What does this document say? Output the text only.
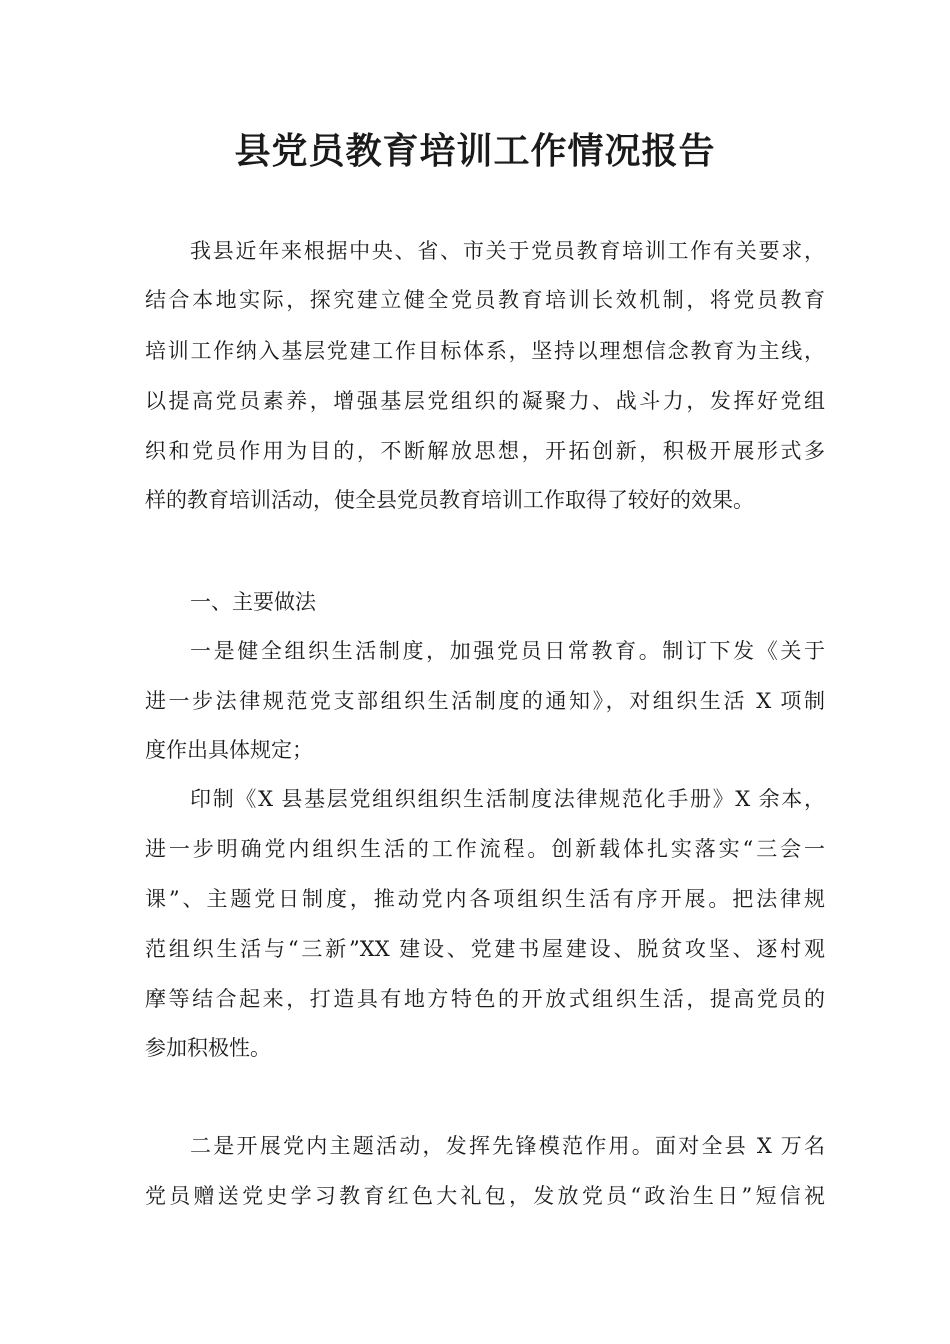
县党员教育培训工作情况报告

我县近年来根据中央、省、市关于党员教育培训工作有关要求，

结合本地实际，探究建立健全党员教育培训长效机制，将党员教育

培训工作纳入基层党建工作目标体系，坚持以理想信念教育为主线，

以提高党员素养，增强基层党组织的凝聚力、战斗力，发挥好党组

织和党员作用为目的，不断解放思想，开拓创新，积极开展形式多

样的教育培训活动，使全县党员教育培训工作取得了较好的效果。

一、主要做法

一是健全组织生活制度，加强党员日常教育。制订下发《关于

进一步法律规范党支部组织生活制度的通知》，对组织生活 X 项制

度作出具体规定；

印制《X 县基层党组织组织生活制度法律规范化手册》X 余本，

进一步明确党内组织生活的工作流程。创新载体扎实落实“三会一

课”、主题党日制度，推动党内各项组织生活有序开展。把法律规

范组织生活与“三新”XX 建设、党建书屋建设、脱贫攻坚、逐村观

摩等结合起来，打造具有地方特色的开放式组织生活，提高党员的

参加积极性。

二是开展党内主题活动，发挥先锋模范作用。面对全县 X 万名

党员赠送党史学习教育红色大礼包，发放党员“政治生日”短信祝
